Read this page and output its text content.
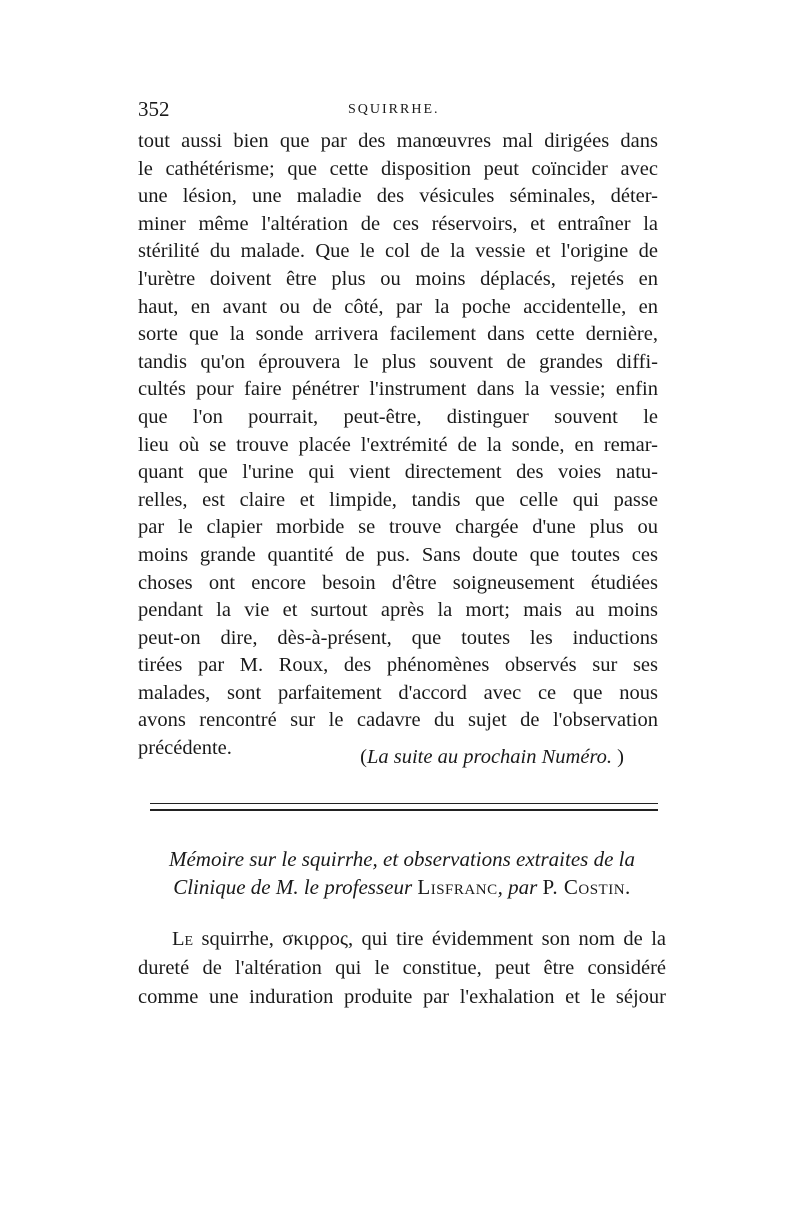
352	SQUIRRHE.
tout aussi bien que par des manœuvres mal dirigées dans
le cathétérisme; que cette disposition peut coïncider avec
une lésion, une maladie des vésicules séminales, déter-
miner même l'altération de ces réservoirs, et entraîner la
stérilité du malade. Que le col de la vessie et l'origine de
l'urètre doivent être plus ou moins déplacés, rejetés en
haut, en avant ou de côté, par la poche accidentelle, en
sorte que la sonde arrivera facilement dans cette dernière,
tandis qu'on éprouvera le plus souvent de grandes diffi-
cultés pour faire pénétrer l'instrument dans la vessie; enfin
que l'on pourrait, peut-être, distinguer souvent le
lieu où se trouve placée l'extrémité de la sonde, en remar-
quant que l'urine qui vient directement des voies natu-
relles, est claire et limpide, tandis que celle qui passe
par le clapier morbide se trouve chargée d'une plus ou
moins grande quantité de pus. Sans doute que toutes ces
choses ont encore besoin d'être soigneusement étudiées
pendant la vie et surtout après la mort; mais au moins
peut-on dire, dès-à-présent, que toutes les inductions
tirées par M. Roux, des phénomènes observés sur ses
malades, sont parfaitement d'accord avec ce que nous
avons rencontré sur le cadavre du sujet de l'observation
précédente.	(La suite au prochain Numéro. )
Mémoire sur le squirrhe, et observations extraites de la
Clinique de M. le professeur Lisfranc, par P. Costin.
Le squirrhe, σκιρρος, qui tire évidemment son nom de la
dureté de l'altération qui le constitue, peut être considéré
comme une induration produite par l'exhalation et le séjour
